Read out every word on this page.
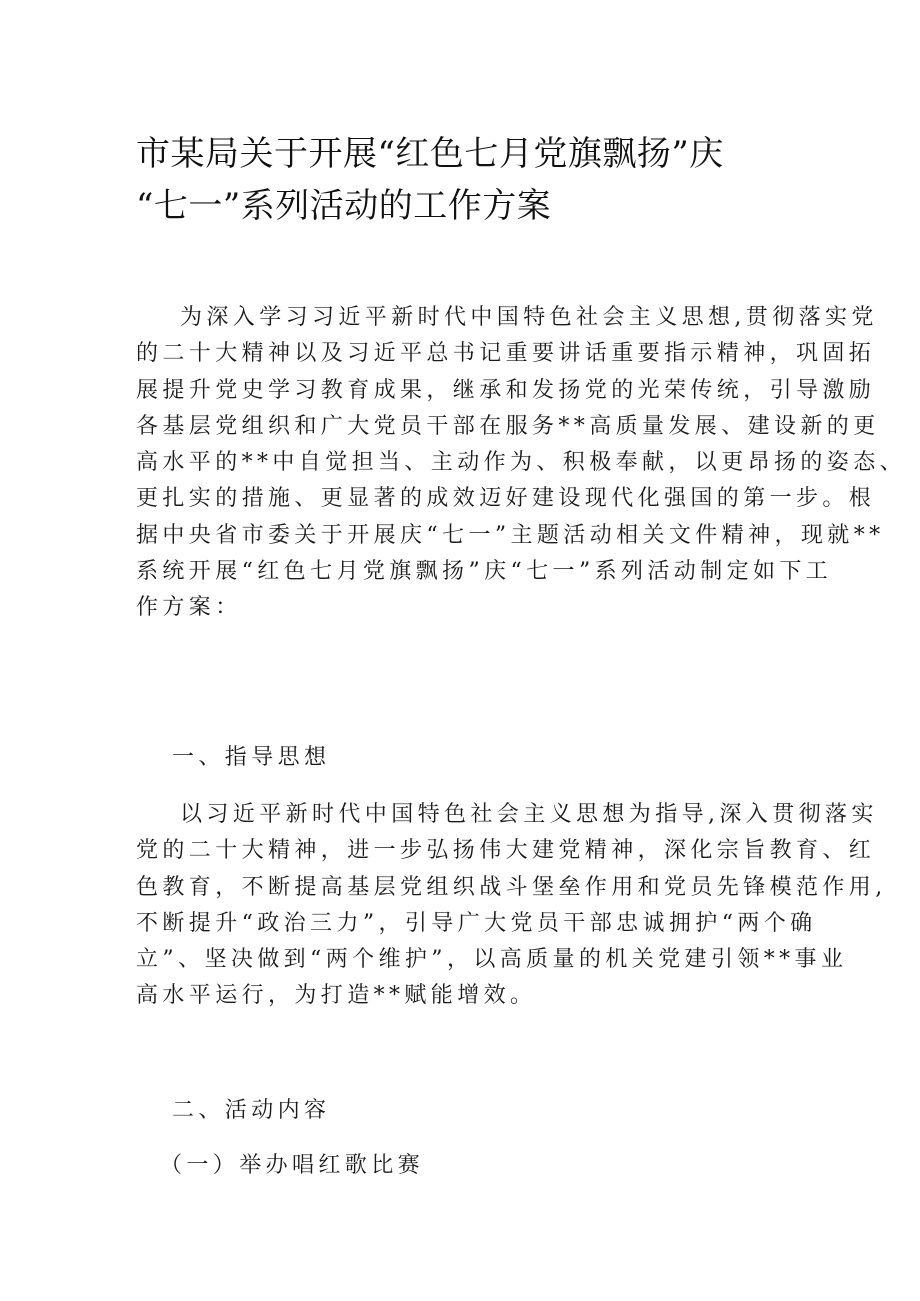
市某局关于开展“红色七月党旗飘扬”庆
“七一”系列活动的工作方案
为深入学习习近平新时代中国特色社会主义思想,贯彻落实党
的二十大精神以及习近平总书记重要讲话重要指示精神，巩固拓
展提升党史学习教育成果，继承和发扬党的光荣传统，引导激励
各基层党组织和广大党员干部在服务**高质量发展、建设新的更
高水平的**中自觉担当、主动作为、积极奉献，以更昂扬的姿态、
更扎实的措施、更显著的成效迈好建设现代化强国的第一步。根
据中央省市委关于开展庆“七一”主题活动相关文件精神，现就**
系统开展“红色七月党旗飘扬”庆“七一”系列活动制定如下工
作方案：
一、指导思想
以习近平新时代中国特色社会主义思想为指导,深入贯彻落实
党的二十大精神，进一步弘扬伟大建党精神，深化宗旨教育、红
色教育，不断提高基层党组织战斗堡垒作用和党员先锋模范作用,
不断提升“政治三力”，引导广大党员干部忠诚拥护“两个确
立”、坚决做到“两个维护”，以高质量的机关党建引领**事业
高水平运行，为打造**赋能增效。
二、活动内容
（一）举办唱红歌比赛
